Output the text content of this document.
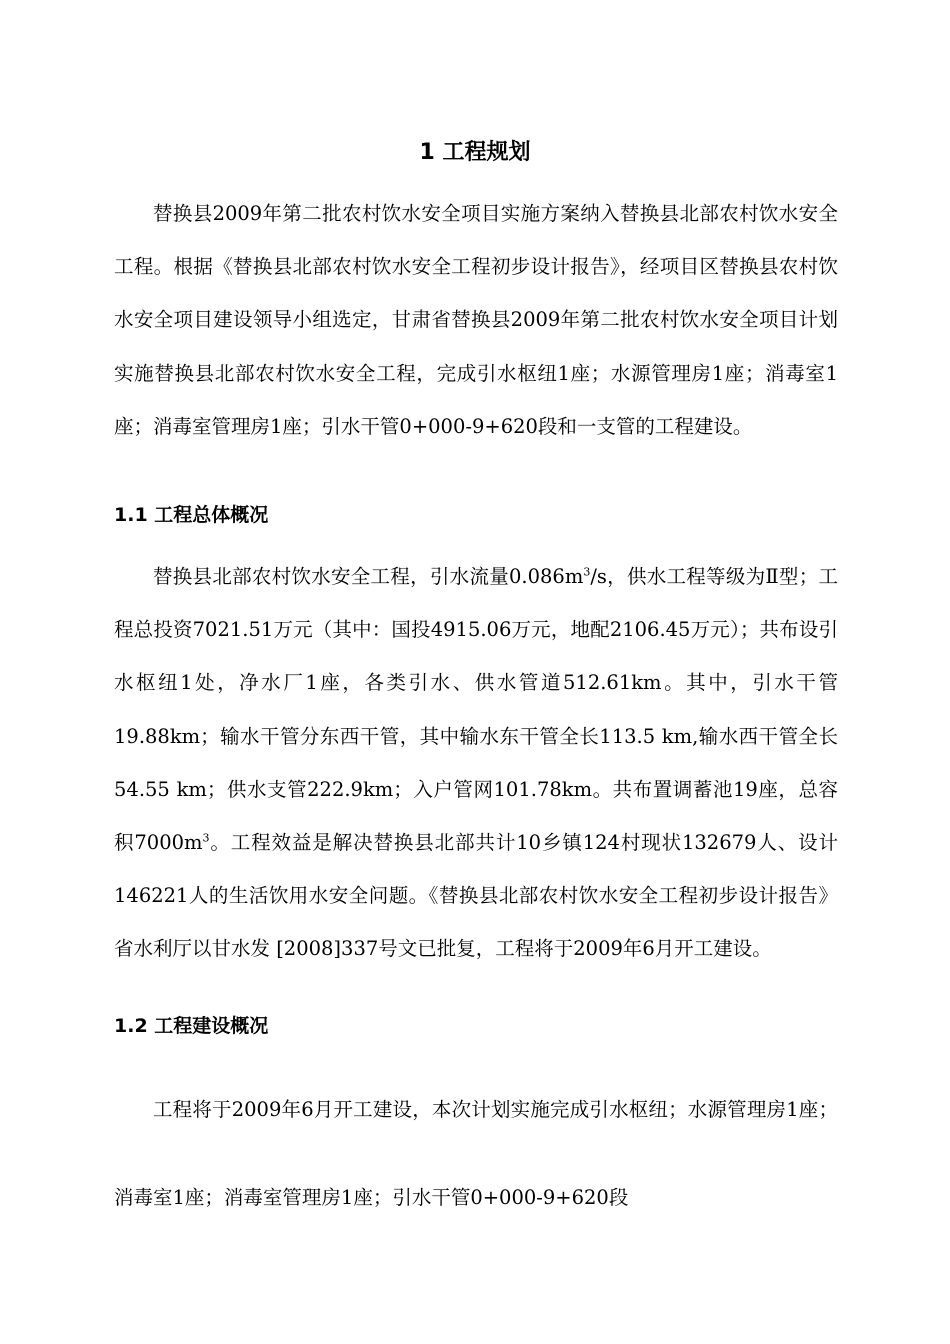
1 工程规划

替换县2009年第二批农村饮水安全项目实施方案纳入替换县北部农村饮水安全工程。根据《替换县北部农村饮水安全工程初步设计报告》，经项目区替换县农村饮水安全项目建设领导小组选定，甘肃省替换县2009年第二批农村饮水安全项目计划实施替换县北部农村饮水安全工程，完成引水枢纽1座；水源管理房1座；消毒室1座；消毒室管理房1座；引水干管0+000-9+620段和一支管的工程建设。

1.1 工程总体概况

替换县北部农村饮水安全工程，引水流量$0.086m^3/s$，供水工程等级为Ⅱ型；工程总投资7021.51万元（其中：国投4915.06万元，地配2106.45万元）；共布设引水枢纽1处，净水厂1座，各类引水、供水管道512.61km。其中，引水干管19.88km；输水干管分东西干管，其中输水东干管全长113.5 km,输水西干管全长54.55 km；供水支管222.9km；入户管网101.78km。共布置调蓄池19座，总容积$7000m^3$。工程效益是解决替换县北部共计10乡镇124村现状132679人、设计146221人的生活饮用水安全问题。《替换县北部农村饮水安全工程初步设计报告》省水利厅以甘水发 [2008]337号文已批复，工程将于2009年6月开工建设。

1.2 工程建设概况

工程将于2009年6月开工建设，本次计划实施完成引水枢纽；水源管理房1座；消毒室1座；消毒室管理房1座；引水干管0+000-9+620段
